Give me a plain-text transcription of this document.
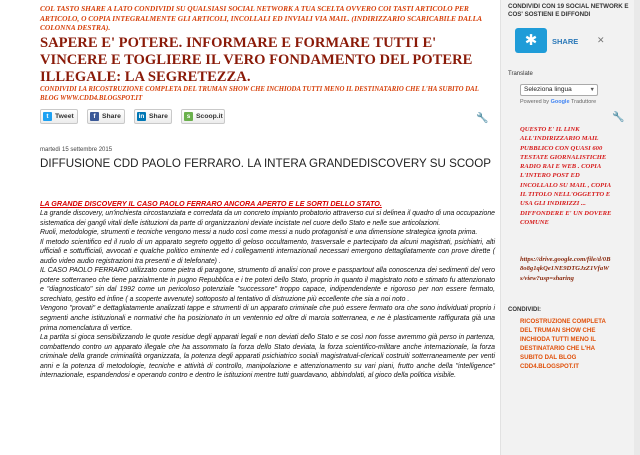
COL TASTO SHARE A LATO CONDIVIDI SU QUALSIASI SOCIAL NETWORK A TUA SCELTA OVVERO COI TASTI ARTICOLO PER ARTICOLO, O COPIA INTEGRALMENTE GLI ARTICOLI, INCOLLALI ED INVIALI VIA MAIL. (INDIRIZZARIO SCARICABILE DALLA COLONNA DESTRA).
SAPERE E' POTERE. INFORMARE E FORMARE TUTTI E' VINCERE E TOGLIERE IL VERO FONDAMENTO DEL POTERE ILLEGALE: LA SEGRETEZZA.
CONDIVIDI LA RICOSTRUZIONE COMPLETA DEL TRUMAN SHOW CHE INCHIODA TUTTI MENO IL DESTINATARIO CHE L'HA SUBITO DAL BLOG WWW.CDD4.BLOGSPOT.IT
t Tweet	f Share	in Share	s Scoop.it	🔧
martedì 15 settembre 2015
DIFFUSIONE CDD PAOLO FERRARO. LA INTERA GRANDEDISCOVERY SU SCOOP
LA GRANDE DISCOVERY IL CASO PAOLO FERRARO ANCORA APERTO E LE SORTI DELLO STATO.

La grande discovery, un'inchiesta circostanziata e corredata da un concreto impianto probatorio attraverso cui si delinea il quadro di una occupazione sistematica dei gangli vitali delle istituzioni da parte di organizzazioni deviate incistate nel cuore dello Stato e nelle sue articolazioni.

Ruoli, metodologie, strumenti e tecniche vengono messi a nudo così come messi a nudo protagonisti e una dimensione strategica ignota prima.

Il metodo scientifico ed il ruolo di un apparato segreto oggetto di geloso occultamento, trasversale e partecipato da alcuni magistrati, psichiatri, alti ufficiali e sottufficiali, avvocati e qualche politico eminente ed i collegamenti internazionali necessari emergono dettagliatamente con prove dirette ( audio video audio registrazioni tra presenti e di telefonate) .

IL CASO PAOLO FERRARO utilizzato come pietra di paragone, strumento di analisi con prove e passpartout alla conoscenza dei sedimenti del vero potere sotterraneo che tiene parzialmente in pugno Repubblica e i tre poteri dello Stato, proprio in quanto il magistrato noto e stimato fu attenzionato e "diagnosticato" sin dal 1992 come un pericoloso potenziale "successore" troppo capace, indipendendente e rigoroso per non essere fermato, screchiato, gestito ed infine ( a scoperte avvenute) sottoposto al tentativo di distruzione più eccellente che sia a noi noto .

Vengono "provati" e dettagliatamente analizzati tappe e strumenti di un apparato criminale che può essere fermato ora che sono individuati proprio i segmenti anche istituzionali e normativi che ha posizionato in un ventennio ed oltre di marcia sotterranea, e ne è plasticamente raffigurata già una prima nomenclatura di vertice.

La partita si gioca sensibilizzando le quote residue degli apparati legali e non deviati dello Stato e se così non fosse avremmo già perso in partenza, combattendo contro un apparato illegale che ha assommato la forza dello Stato deviata, la forza scientifico-militare anche internazionale, la forza criminale della grande criminalità organizzata, la potenza degli apparati psichiatrico sociali magistratual-clericali costruiti sotterraneamente per venti anni e la potenza di metodologie, tecniche e attività di controllo, manipolazione e attenzionamento su vari piani, frutto anche della "intelligence" internazionale, espandendosi e operando contro e dentro le istituzioni mentre tutti guardavano, abbindolati, al gioco della politica visibile.

CONDIVIDI CON 19 SOCIAL NETWORK E COS' SOSTIENI E DIFFONDI
✱	SHARE ✕
Translate
Seleziona lingua	▼
Powered by Google Traduttore
🔧
QUESTO E' IL LINK ALL'INDIRIZZARIO MAIL PUBBLICO CON QUASI 600 TESTATE GIORNALISTICHE RADIO RAI E WEB . COPIA L'INTERO POST ED INCOLLALO SU MAIL , COPIA IL TITOLO NELL'OGGETTO E USA GLI INDIRIZZI ... DIFFONDERE E' UN DOVERE COMUNE
https://drive.google.com/file/d/0B8o8g1qkQe1NE9DTGJzZ1VfaWs/view?usp=sharing
CONDIVIDI:
RICOSTRUZIONE COMPLETA DEL TRUMAN SHOW CHE INCHIODA TUTTI MENO IL DESTINATARIO CHE L'HA SUBITO DAL BLOG CDD4.BLOGSPOT.IT
